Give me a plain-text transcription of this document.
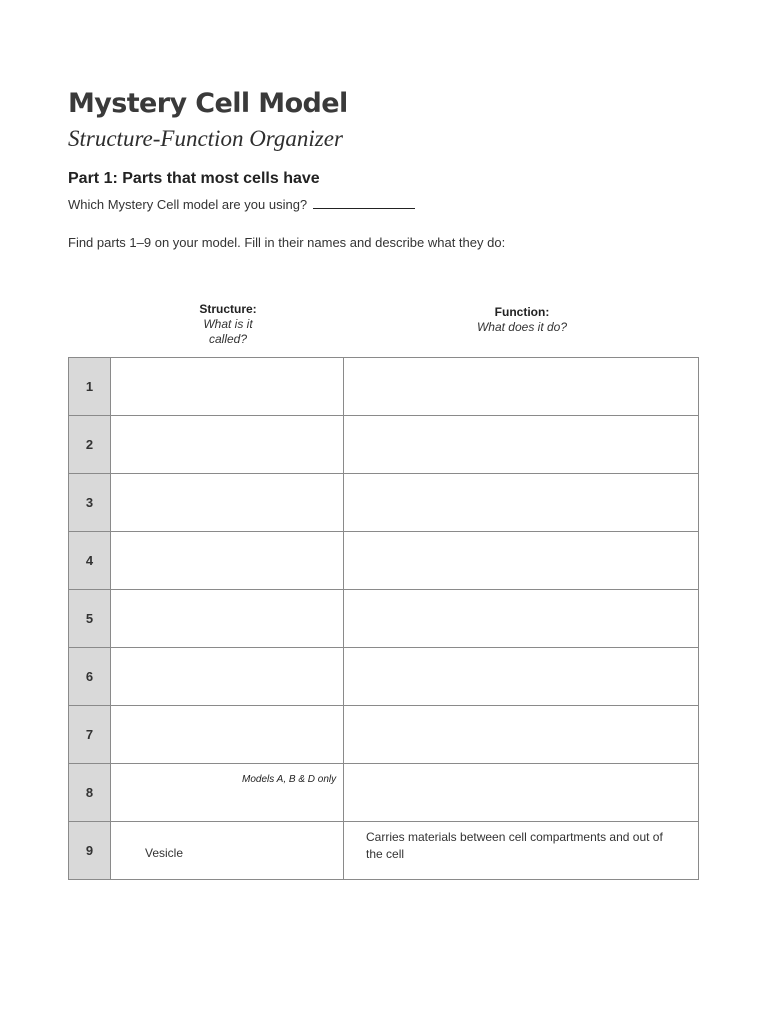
Mystery Cell Model
Structure-Function Organizer
Part 1: Parts that most cells have
Which Mystery Cell model are you using?
Find parts 1–9 on your model. Fill in their names and describe what they do:
Structure:
What is it called?
Function:
What does it do?
1	

2	

3	

4	

5	

6	

7	

8	Models A, B & D only	

9	Vesicle	Carries materials between cell compartments and out of the cell
